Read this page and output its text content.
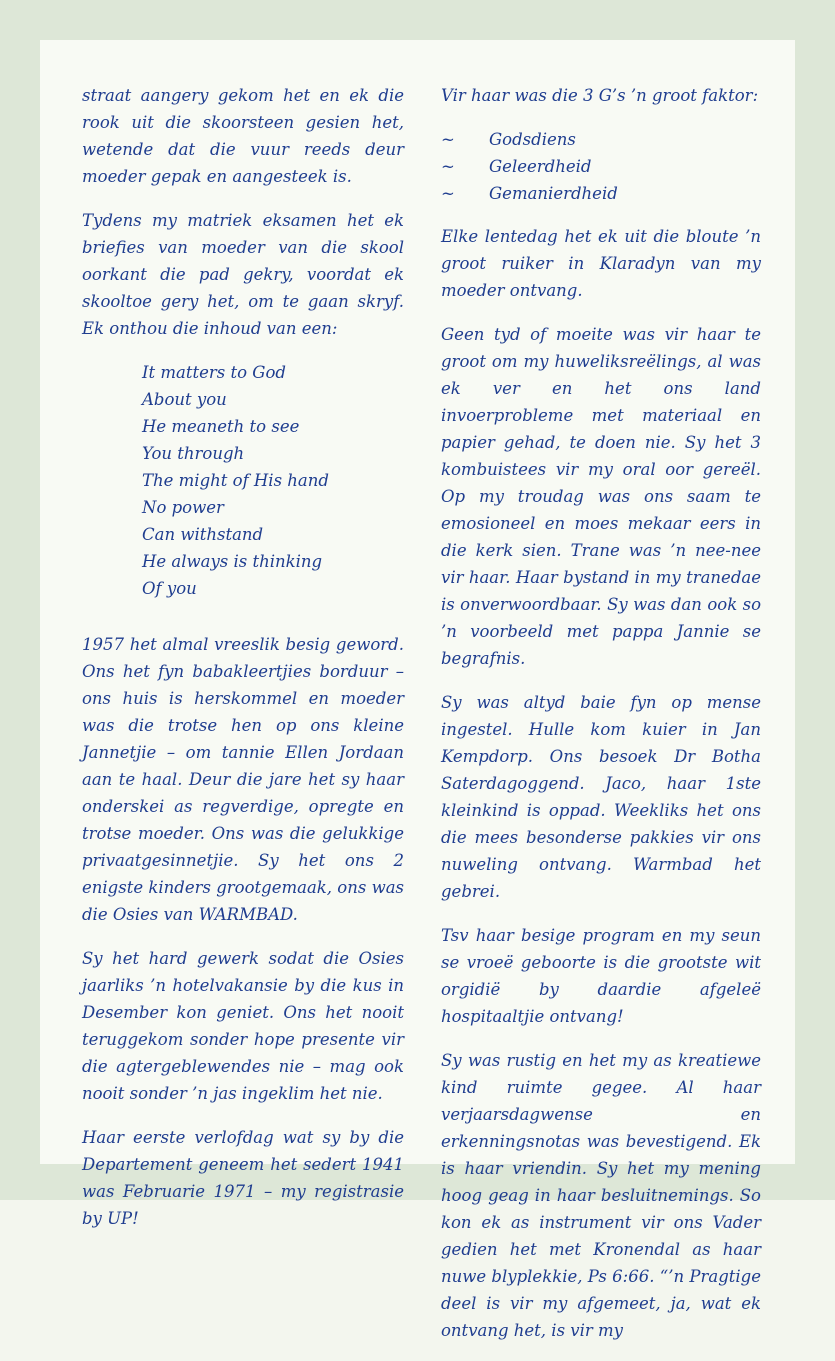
straat aangery gekom het en ek die rook uit die skoorsteen gesien het, wetende dat die vuur reeds deur moeder gepak en aangesteek is.

Tydens my matriek eksamen het ek briefies van moeder van die skool oorkant die pad gekry, voordat ek skooltoe gery het, om te gaan skryf. Ek onthou die inhoud van een:

It matters to God
About you
He meaneth to see
You through
The might of His hand
No power
Can withstand
He always is thinking
Of you

1957 het almal vreeslik besig geword. Ons het fyn babakleertjies borduur – ons huis is herskommel en moeder was die trotse hen op ons kleine Jannetjie – om tannie Ellen Jordaan aan te haal. Deur die jare het sy haar onderskei as regverdige, opregte en trotse moeder. Ons was die gelukkige privaatgesinnetjie. Sy het ons 2 enigste kinders grootgemaak, ons was die Osies van WARMBAD.

Sy het hard gewerk sodat die Osies jaarliks ’n hotelvakansie by die kus in Desember kon geniet. Ons het nooit teruggekom sonder hope presente vir die agtergeblewendes nie – mag ook nooit sonder ’n jas ingeklim het nie.

Haar eerste verlofdag wat sy by die Departement geneem het sedert 1941 was Februarie 1971 – my registrasie by UP!

Vir haar was die 3 G’s ’n groot faktor:

~	Godsdiens
~	Geleerdheid
~	Gemanierdheid

Elke lentedag het ek uit die bloute ’n groot ruiker in Klaradyn van my moeder ontvang.

Geen tyd of moeite was vir haar te groot om my huweliksreëlings, al was ek ver en het ons land invoerprobleme met materiaal en papier gehad, te doen nie. Sy het 3 kombuistees vir my oral oor gereël. Op my troudag was ons saam te emosioneel en moes mekaar eers in die kerk sien. Trane was ’n nee-nee vir haar. Haar bystand in my tranedae is onverwoordbaar. Sy was dan ook so ’n voorbeeld met pappa Jannie se begrafnis.

Sy was altyd baie fyn op mense ingestel. Hulle kom kuier in Jan Kempdorp. Ons besoek Dr Botha Saterdagoggend. Jaco, haar 1ste kleinkind is oppad. Weekliks het ons die mees besonderse pakkies vir ons nuweling ontvang. Warmbad het gebrei.

Tsv haar besige program en my seun se vroeë geboorte is die grootste wit orgidië by daardie afgeleë hospitaaltjie ontvang!

Sy was rustig en het my as kreatiewe kind ruimte gegee. Al haar verjaarsdagwense en erkenningsnotas was bevestigend. Ek is haar vriendin. Sy het my mening hoog geag in haar besluitnemings. So kon ek as instrument vir ons Vader gedien het met Kronendal as haar nuwe blyplekkie, Ps 6:66. “’n Pragtige deel is vir my afgemeet, ja, wat ek ontvang het, is vir my
